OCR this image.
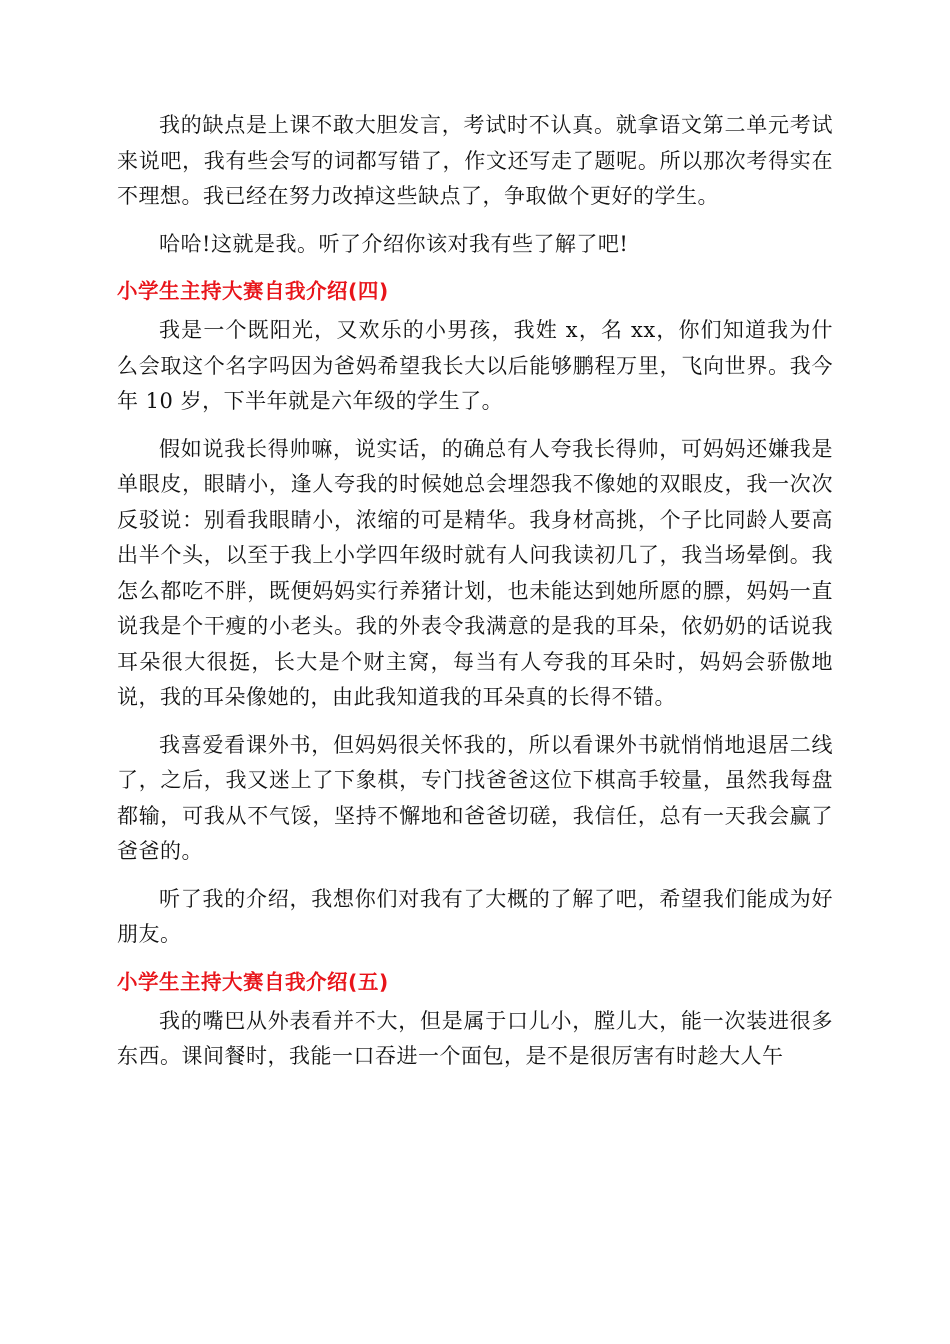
我的缺点是上课不敢大胆发言，考试时不认真。就拿语文第二单元考试来说吧，我有些会写的词都写错了，作文还写走了题呢。所以那次考得实在不理想。我已经在努力改掉这些缺点了，争取做个更好的学生。

哈哈!这就是我。听了介绍你该对我有些了解了吧!

小学生主持大赛自我介绍(四)

我是一个既阳光，又欢乐的小男孩，我姓 x，名 xx，你们知道我为什么会取这个名字吗因为爸妈希望我长大以后能够鹏程万里，飞向世界。我今年 10 岁，下半年就是六年级的学生了。

假如说我长得帅嘛，说实话，的确总有人夸我长得帅，可妈妈还嫌我是单眼皮，眼睛小，逢人夸我的时候她总会埋怨我不像她的双眼皮，我一次次反驳说：别看我眼睛小，浓缩的可是精华。我身材高挑，个子比同龄人要高出半个头，以至于我上小学四年级时就有人问我读初几了，我当场晕倒。我怎么都吃不胖，既便妈妈实行养猪计划，也未能达到她所愿的膘，妈妈一直说我是个干瘦的小老头。我的外表令我满意的是我的耳朵，依奶奶的话说我耳朵很大很挺，长大是个财主窝，每当有人夸我的耳朵时，妈妈会骄傲地说，我的耳朵像她的，由此我知道我的耳朵真的长得不错。

我喜爱看课外书，但妈妈很关怀我的，所以看课外书就悄悄地退居二线了，之后，我又迷上了下象棋，专门找爸爸这位下棋高手较量，虽然我每盘都输，可我从不气馁，坚持不懈地和爸爸切磋，我信任，总有一天我会赢了爸爸的。

听了我的介绍，我想你们对我有了大概的了解了吧，希望我们能成为好朋友。

小学生主持大赛自我介绍(五)

我的嘴巴从外表看并不大，但是属于口儿小，膛儿大，能一次装进很多东西。课间餐时，我能一口吞进一个面包，是不是很厉害有时趁大人午
